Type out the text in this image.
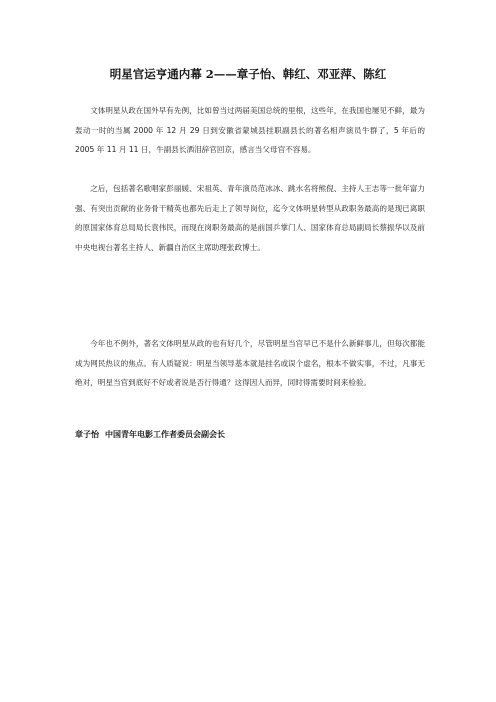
明星官运亨通内幕 2——章子怡、韩红、邓亚萍、陈红

文体明星从政在国外早有先例，比如曾当过两届美国总统的里根，这些年，在我国也屡见不鲜，最为轰动一时的当属 2000 年 12 月 29 日到安徽省蒙城县挂职副县长的著名相声演员牛群了，5 年后的 2005 年 11 月 11 日，牛副县长洒泪辞官回京，感言当父母官不容易。

之后，包括著名歌唱家彭丽媛、宋祖英、青年演员范冰冰、跳水名将熊倪、主持人王志等一批年富力强、有突出贡献的业务骨干精英也都先后走上了领导岗位，迄今文体明星转型从政职务最高的是现已离职的原国家体育总局局长袁伟民，而现在岗职务最高的是前国乒掌门人、国家体育总局副局长蔡振华以及前中央电视台著名主持人、新疆自治区主席助理张政博士。

今年也不例外，著名文体明星从政的也有好几个，尽管明星当官早已不是什么新鲜事儿，但每次都能成为网民热议的焦点。有人质疑说：明星当领导基本就是挂名或误个虚名，根本不做实事，不过，凡事无绝对，明星当官到底好不好或者说是否行得通？这得因人而异，同时得需要时间来检验。

章子怡 中国青年电影工作者委员会副会长
